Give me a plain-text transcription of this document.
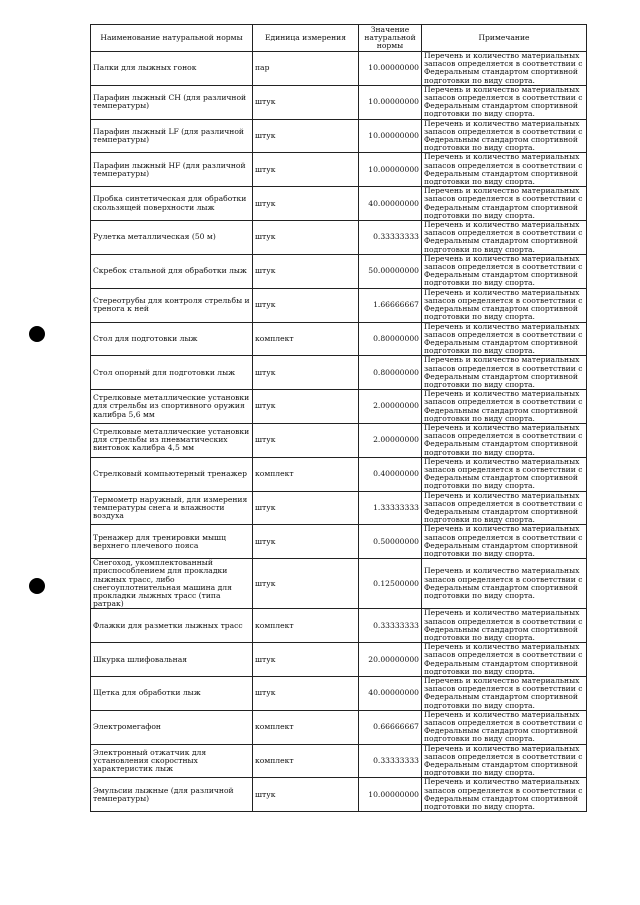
Наименование натуральной нормы	Единица измерения	Значение натуральной нормы	Примечание
Палки для лыжных гонок	пар	10.00000000	Перечень и количество материальных запасов определяется в соответствии с Федеральным стандартом спортивной подготовки по виду спорта.
Парафин лыжный СН (для различной температуры)	штук	10.00000000	Перечень и количество материальных запасов определяется в соответствии с Федеральным стандартом спортивной подготовки по виду спорта.
Парафин лыжный LF (для различной температуры)	штук	10.00000000	Перечень и количество материальных запасов определяется в соответствии с Федеральным стандартом спортивной подготовки по виду спорта.
Парафин лыжный HF (для различной температуры)	штук	10.00000000	Перечень и количество материальных запасов определяется в соответствии с Федеральным стандартом спортивной подготовки по виду спорта.
Пробка синтетическая для обработки скользящей поверхности лыж	штук	40.00000000	Перечень и количество материальных запасов определяется в соответствии с Федеральным стандартом спортивной подготовки по виду спорта.
Рулетка металлическая (50 м)	штук	0.33333333	Перечень и количество материальных запасов определяется в соответствии с Федеральным стандартом спортивной подготовки по виду спорта.
Скребок стальной для обработки лыж	штук	50.00000000	Перечень и количество материальных запасов определяется в соответствии с Федеральным стандартом спортивной подготовки по виду спорта.
Стереотрубы для контроля стрельбы и тренога к ней	штук	1.66666667	Перечень и количество материальных запасов определяется в соответствии с Федеральным стандартом спортивной подготовки по виду спорта.
Стол для подготовки лыж	комплект	0.80000000	Перечень и количество материальных запасов определяется в соответствии с Федеральным стандартом спортивной подготовки по виду спорта.
Стол опорный для подготовки лыж	штук	0.80000000	Перечень и количество материальных запасов определяется в соответствии с Федеральным стандартом спортивной подготовки по виду спорта.
Стрелковые металлические установки для стрельбы из спортивного оружия калибра 5,6 мм	штук	2.00000000	Перечень и количество материальных запасов определяется в соответствии с Федеральным стандартом спортивной подготовки по виду спорта.
Стрелковые металлические установки для стрельбы из пневматических винтовок калибра 4,5 мм	штук	2.00000000	Перечень и количество материальных запасов определяется в соответствии с Федеральным стандартом спортивной подготовки по виду спорта.
Стрелковый компьютерный тренажер	комплект	0.40000000	Перечень и количество материальных запасов определяется в соответствии с Федеральным стандартом спортивной подготовки по виду спорта.
Термометр наружный, для измерения температуры снега и влажности воздуха	штук	1.33333333	Перечень и количество материальных запасов определяется в соответствии с Федеральным стандартом спортивной подготовки по виду спорта.
Тренажер для тренировки мышц верхнего плечевого пояса	штук	0.50000000	Перечень и количество материальных запасов определяется в соответствии с Федеральным стандартом спортивной подготовки по виду спорта.
Снегоход, укомплектованный приспособлением для прокладки лыжных трасс, либо снегоуплотнительная машина для прокладки лыжных трасс (типа ратрак)	штук	0.12500000	Перечень и количество материальных запасов определяется в соответствии с Федеральным стандартом спортивной подготовки по виду спорта.
Флажки для разметки лыжных трасс	комплект	0.33333333	Перечень и количество материальных запасов определяется в соответствии с Федеральным стандартом спортивной подготовки по виду спорта.
Шкурка шлифовальная	штук	20.00000000	Перечень и количество материальных запасов определяется в соответствии с Федеральным стандартом спортивной подготовки по виду спорта.
Щетка для обработки лыж	штук	40.00000000	Перечень и количество материальных запасов определяется в соответствии с Федеральным стандартом спортивной подготовки по виду спорта.
Электромегафон	комплект	0.66666667	Перечень и количество материальных запасов определяется в соответствии с Федеральным стандартом спортивной подготовки по виду спорта.
Электронный отжатчик для установления скоростных характеристик лыж	комплект	0.33333333	Перечень и количество материальных запасов определяется в соответствии с Федеральным стандартом спортивной подготовки по виду спорта.
Эмульсии лыжные (для различной температуры)	штук	10.00000000	Перечень и количество материальных запасов определяется в соответствии с Федеральным стандартом спортивной подготовки по виду спорта.
